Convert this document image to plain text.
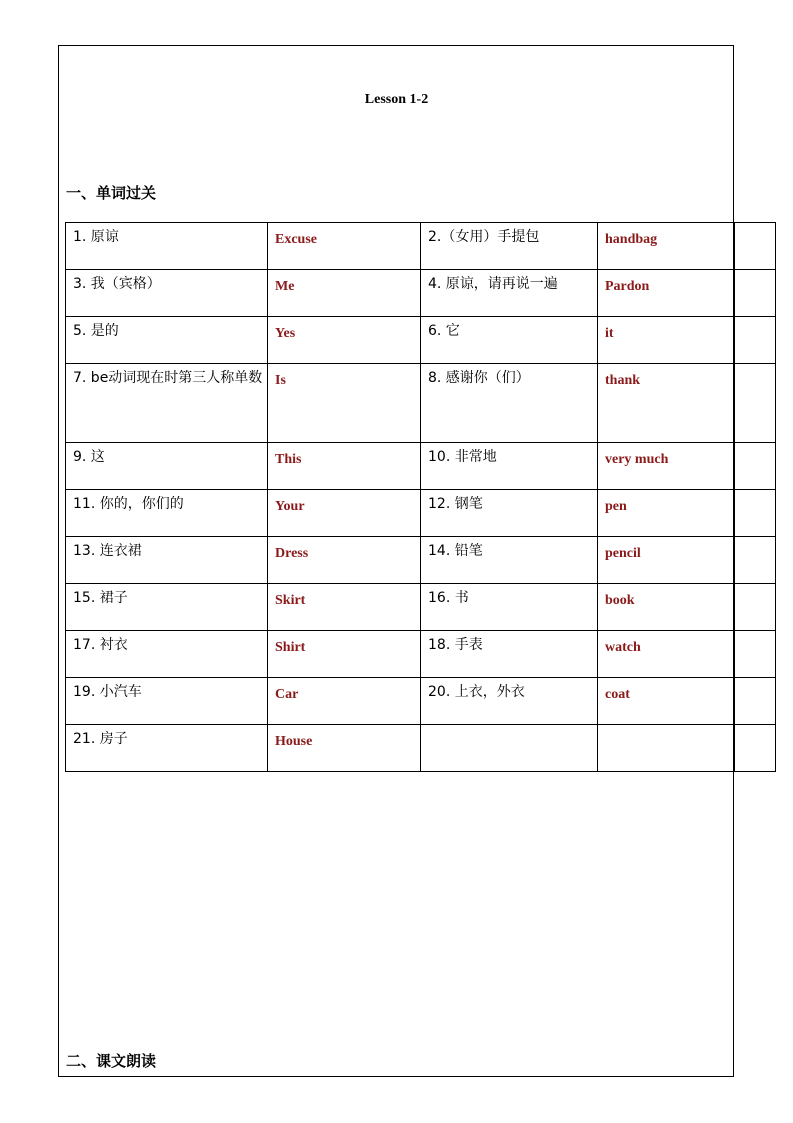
Lesson 1-2
一、单词过关
1. 原谅	Excuse	2.（女用）手提包	handbag	

3. 我（宾格）	Me	4. 原谅，请再说一遍	Pardon	

5. 是的	Yes	6. 它	it	

7. be动词现在时第三人称单数	Is	8. 感谢你（们）	thank	

9. 这	This	10. 非常地	very much	

11. 你的，你们的	Your	12. 钢笔	pen	

13. 连衣裙	Dress	14. 铅笔	pencil	

15. 裙子	Skirt	16. 书	book	

17. 衬衣	Shirt	18. 手表	watch	

19. 小汽车	Car	20. 上衣，外衣	coat	

21. 房子	House			

二、课文朗读
